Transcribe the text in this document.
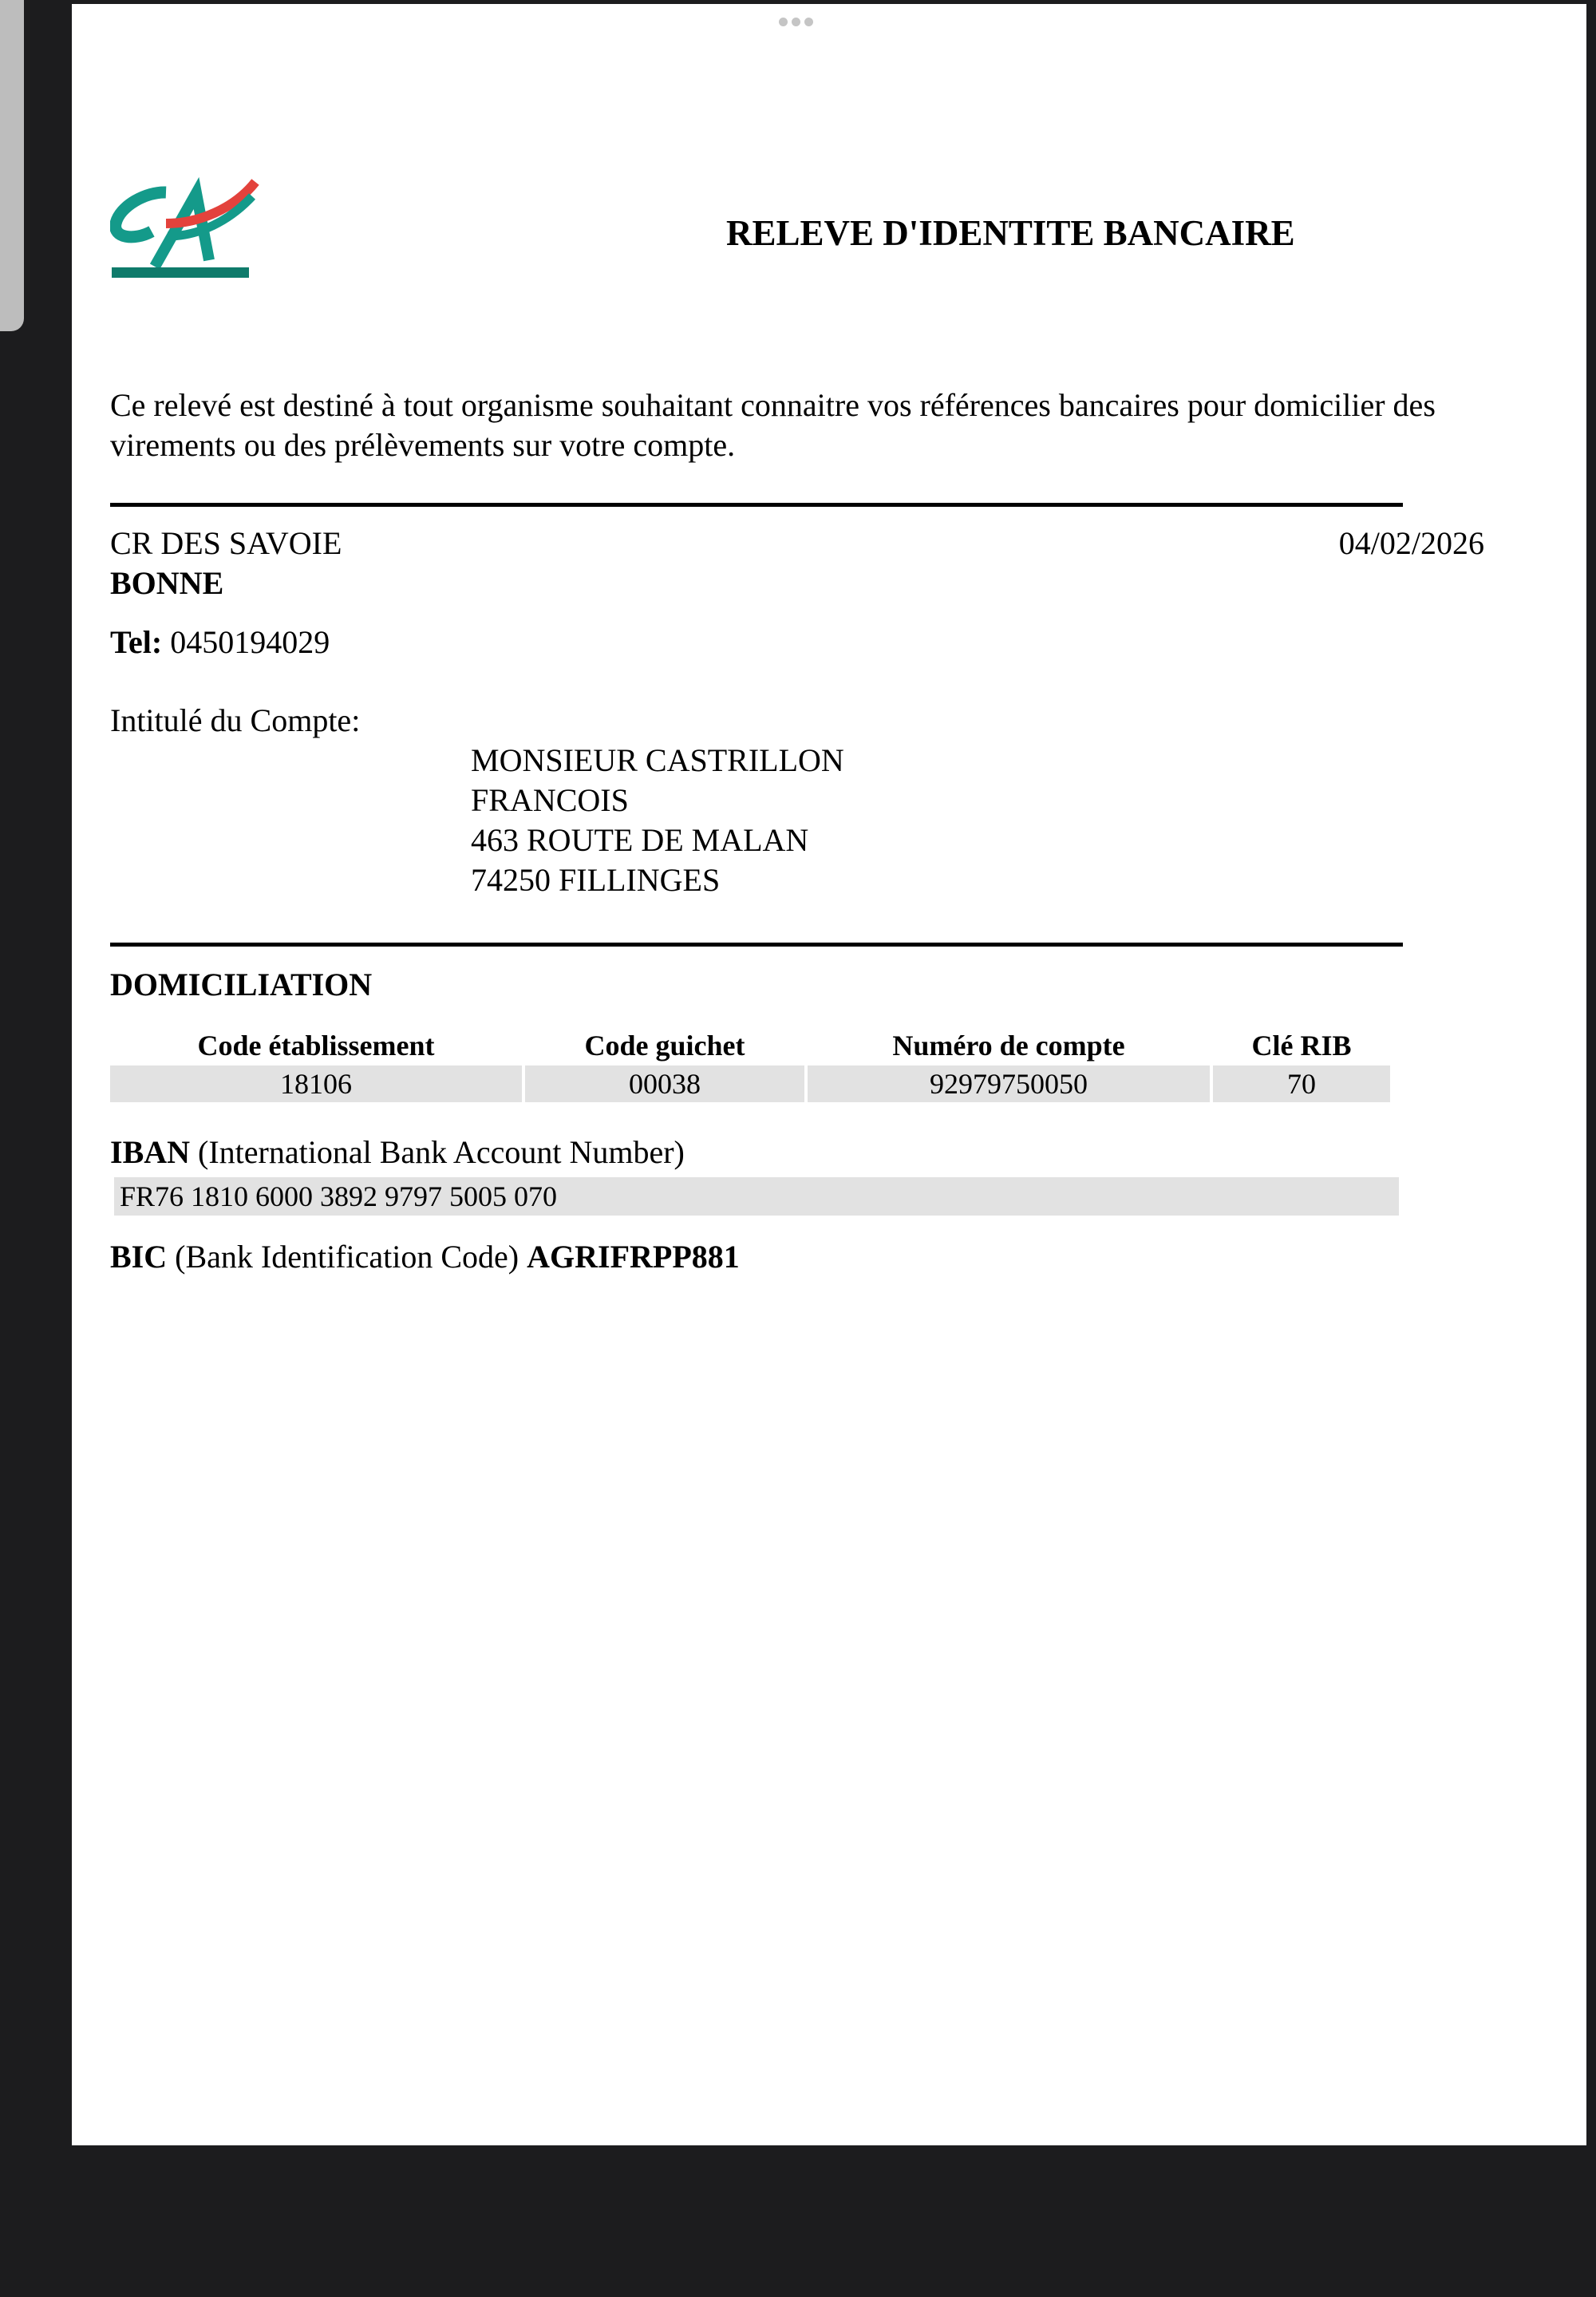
RELEVE D'IDENTITE BANCAIRE
Ce relevé est destiné à tout organisme souhaitant connaitre vos références bancaires pour domicilier des virements ou des prélèvements sur votre compte.
CR DES SAVOIE
BONNE
04/02/2026
Tel: 0450194029
Intitulé du Compte:
MONSIEUR CASTRILLON
FRANCOIS
463 ROUTE DE MALAN
74250 FILLINGES
DOMICILIATION
Code établissement	Code guichet	Numéro de compte	Clé RIB
18106	00038	92979750050	70
IBAN (International Bank Account Number)
FR76 1810 6000 3892 9797 5005 070
BIC (Bank Identification Code) AGRIFRPP881
